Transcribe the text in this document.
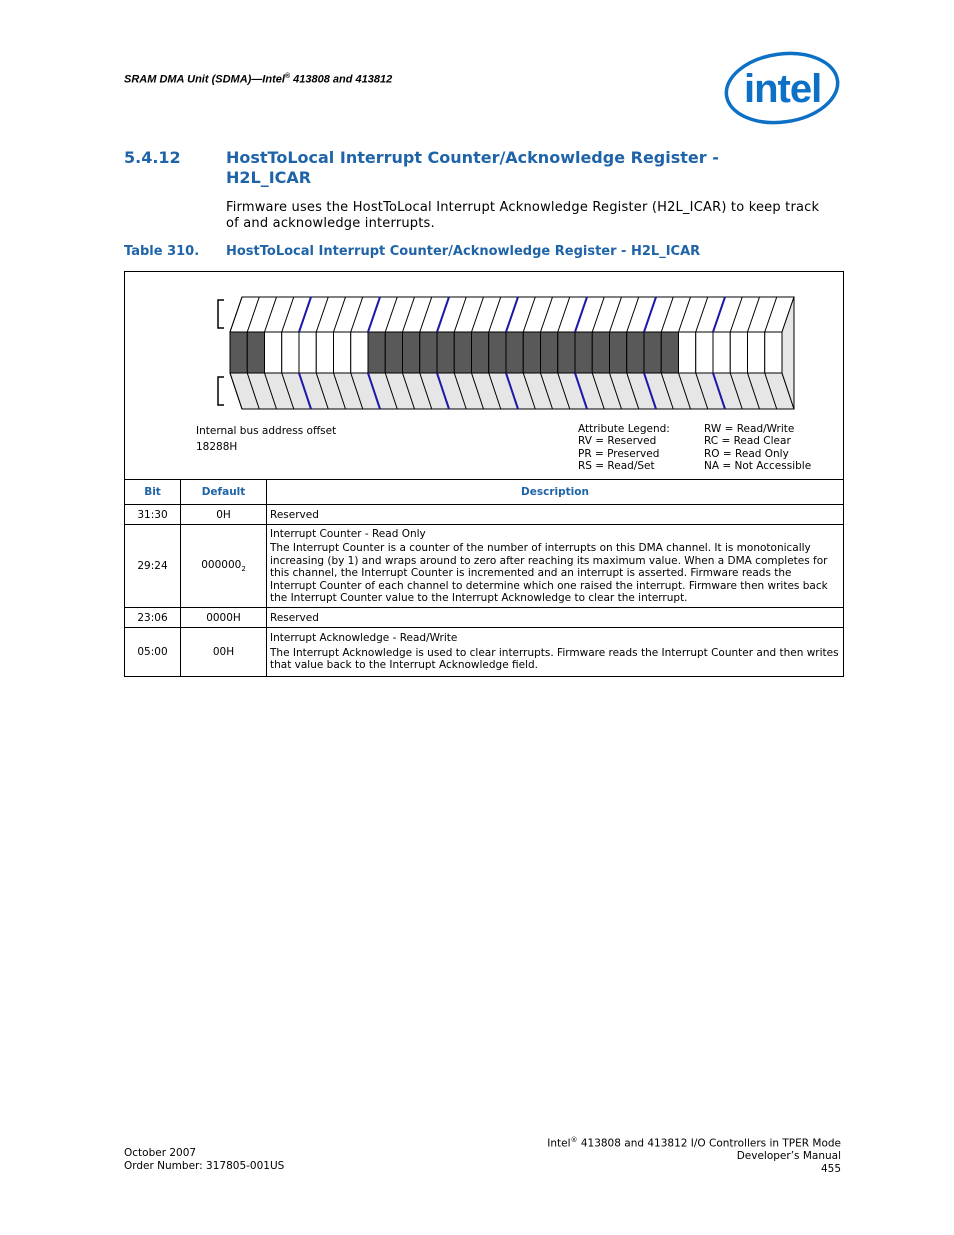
SRAM DMA Unit (SDMA)—Intel® 413808 and 413812	intel
5.4.12	HostToLocal Interrupt Counter/Acknowledge Register - H2L_ICAR
Firmware uses the HostToLocal Interrupt Acknowledge Register (H2L_ICAR) to keep track of and acknowledge interrupts.
Table 310. HostToLocal Interrupt Counter/Acknowledge Register - H2L_ICAR
Internal bus address offset
18288H
Attribute Legend:
RV = Reserved
PR = Preserved
RS = Read/Set
RW = Read/Write
RC = Read Clear
RO = Read Only
NA = Not Accessible
Bit	Default	Description
31:30	0H	Reserved

29:24	$000000_2$	Interrupt Counter - Read Only
The Interrupt Counter is a counter of the number of interrupts on this DMA channel. It is monotonically increasing (by 1) and wraps around to zero after reaching its maximum value. When a DMA completes for this channel, the Interrupt Counter is incremented and an interrupt is asserted. Firmware reads the Interrupt Counter of each channel to determine which one raised the interrupt. Firmware then writes back the Interrupt Counter value to the Interrupt Acknowledge to clear the interrupt.

23:06	0000H	Reserved

05:00	00H	Interrupt Acknowledge - Read/Write
The Interrupt Acknowledge is used to clear interrupts. Firmware reads the Interrupt Counter and then writes that value back to the Interrupt Acknowledge field.
October 2007
Order Number: 317805-001US
Intel® 413808 and 413812 I/O Controllers in TPER Mode
Developer’s Manual
455
